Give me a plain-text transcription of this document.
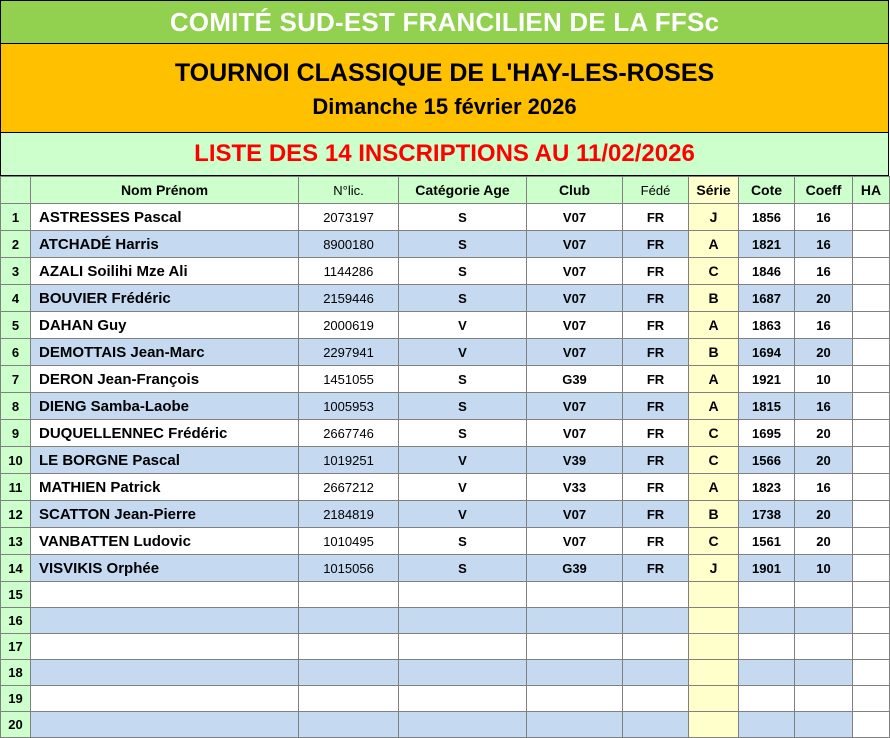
COMITÉ SUD-EST FRANCILIEN DE LA FFSc
TOURNOI CLASSIQUE DE L'HAY-LES-ROSES
Dimanche 15 février 2026
LISTE DES 14 INSCRIPTIONS AU 11/02/2026
	Nom Prénom	N°lic.	Catégorie Age	Club	Fédé	Série	Cote	Coeff	HA
1	ASTRESSES Pascal	2073197	S	V07	FR	J	1856	16	
2	ATCHADÉ Harris	8900180	S	V07	FR	A	1821	16	
3	AZALI Soilihi Mze Ali	1144286	S	V07	FR	C	1846	16	
4	BOUVIER Frédéric	2159446	S	V07	FR	B	1687	20	
5	DAHAN Guy	2000619	V	V07	FR	A	1863	16	
6	DEMOTTAIS Jean-Marc	2297941	V	V07	FR	B	1694	20	
7	DERON Jean-François	1451055	S	G39	FR	A	1921	10	
8	DIENG Samba-Laobe	1005953	S	V07	FR	A	1815	16	
9	DUQUELLENNEC Frédéric	2667746	S	V07	FR	C	1695	20	
10	LE BORGNE Pascal	1019251	V	V39	FR	C	1566	20	
11	MATHIEN Patrick	2667212	V	V33	FR	A	1823	16	
12	SCATTON Jean-Pierre	2184819	V	V07	FR	B	1738	20	
13	VANBATTEN Ludovic	1010495	S	V07	FR	C	1561	20	
14	VISVIKIS Orphée	1015056	S	G39	FR	J	1901	10	
15									
16									
17									
18									
19									
20									
